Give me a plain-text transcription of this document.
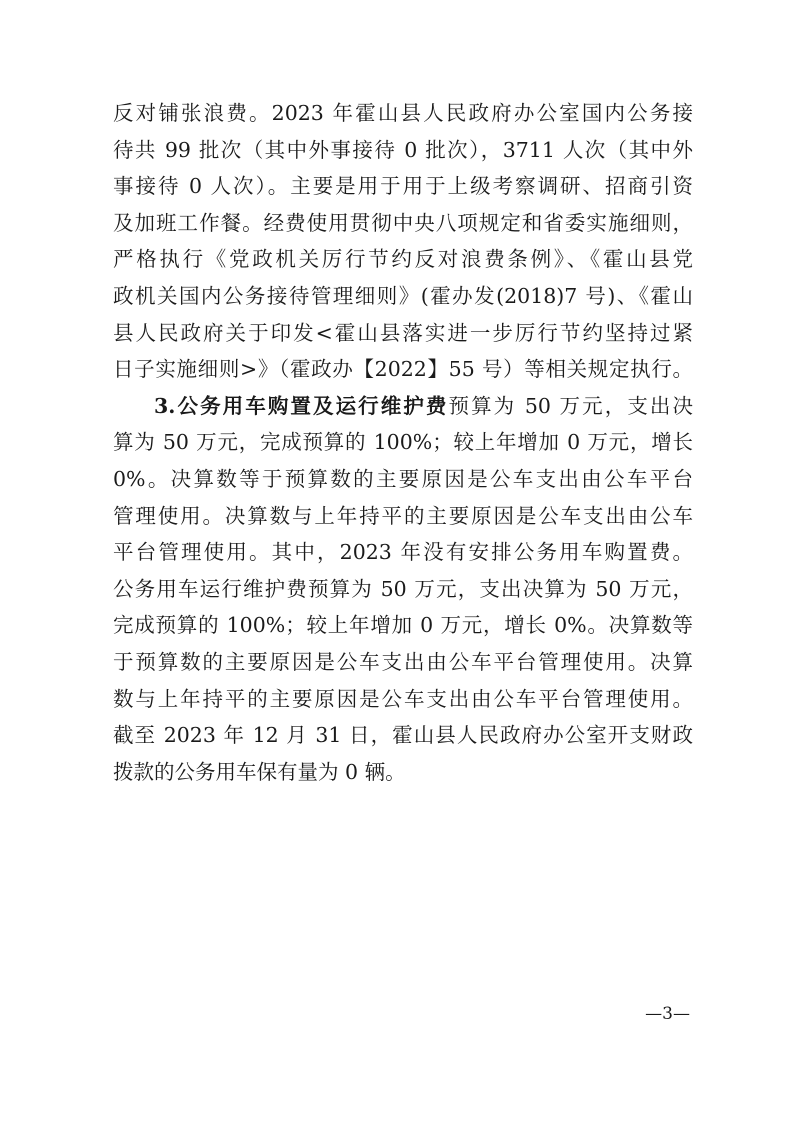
反对铺张浪费。2023 年霍山县人民政府办公室国内公务接
待共 99 批次（其中外事接待 0 批次），3711 人次（其中外
事接待 0 人次）。主要是用于用于上级考察调研、招商引资
及加班工作餐。经费使用贯彻中央八项规定和省委实施细则，
严格执行《党政机关厉行节约反对浪费条例》、《霍山县党
政机关国内公务接待管理细则》(霍办发(2018)7 号)、《霍山
县人民政府关于印发<霍山县落实进一步厉行节约坚持过紧
日子实施细则>》（霍政办【2022】55 号）等相关规定执行。
3.公务用车购置及运行维护费预算为 50 万元，支出决
算为 50 万元，完成预算的 100%；较上年增加 0 万元，增长
0%。决算数等于预算数的主要原因是公车支出由公车平台
管理使用。决算数与上年持平的主要原因是公车支出由公车
平台管理使用。其中，2023 年没有安排公务用车购置费。
公务用车运行维护费预算为 50 万元，支出决算为 50 万元，
完成预算的 100%；较上年增加 0 万元，增长 0%。决算数等
于预算数的主要原因是公车支出由公车平台管理使用。决算
数与上年持平的主要原因是公车支出由公车平台管理使用。
截至 2023 年 12 月 31 日，霍山县人民政府办公室开支财政
拨款的公务用车保有量为 0 辆。
—3—
